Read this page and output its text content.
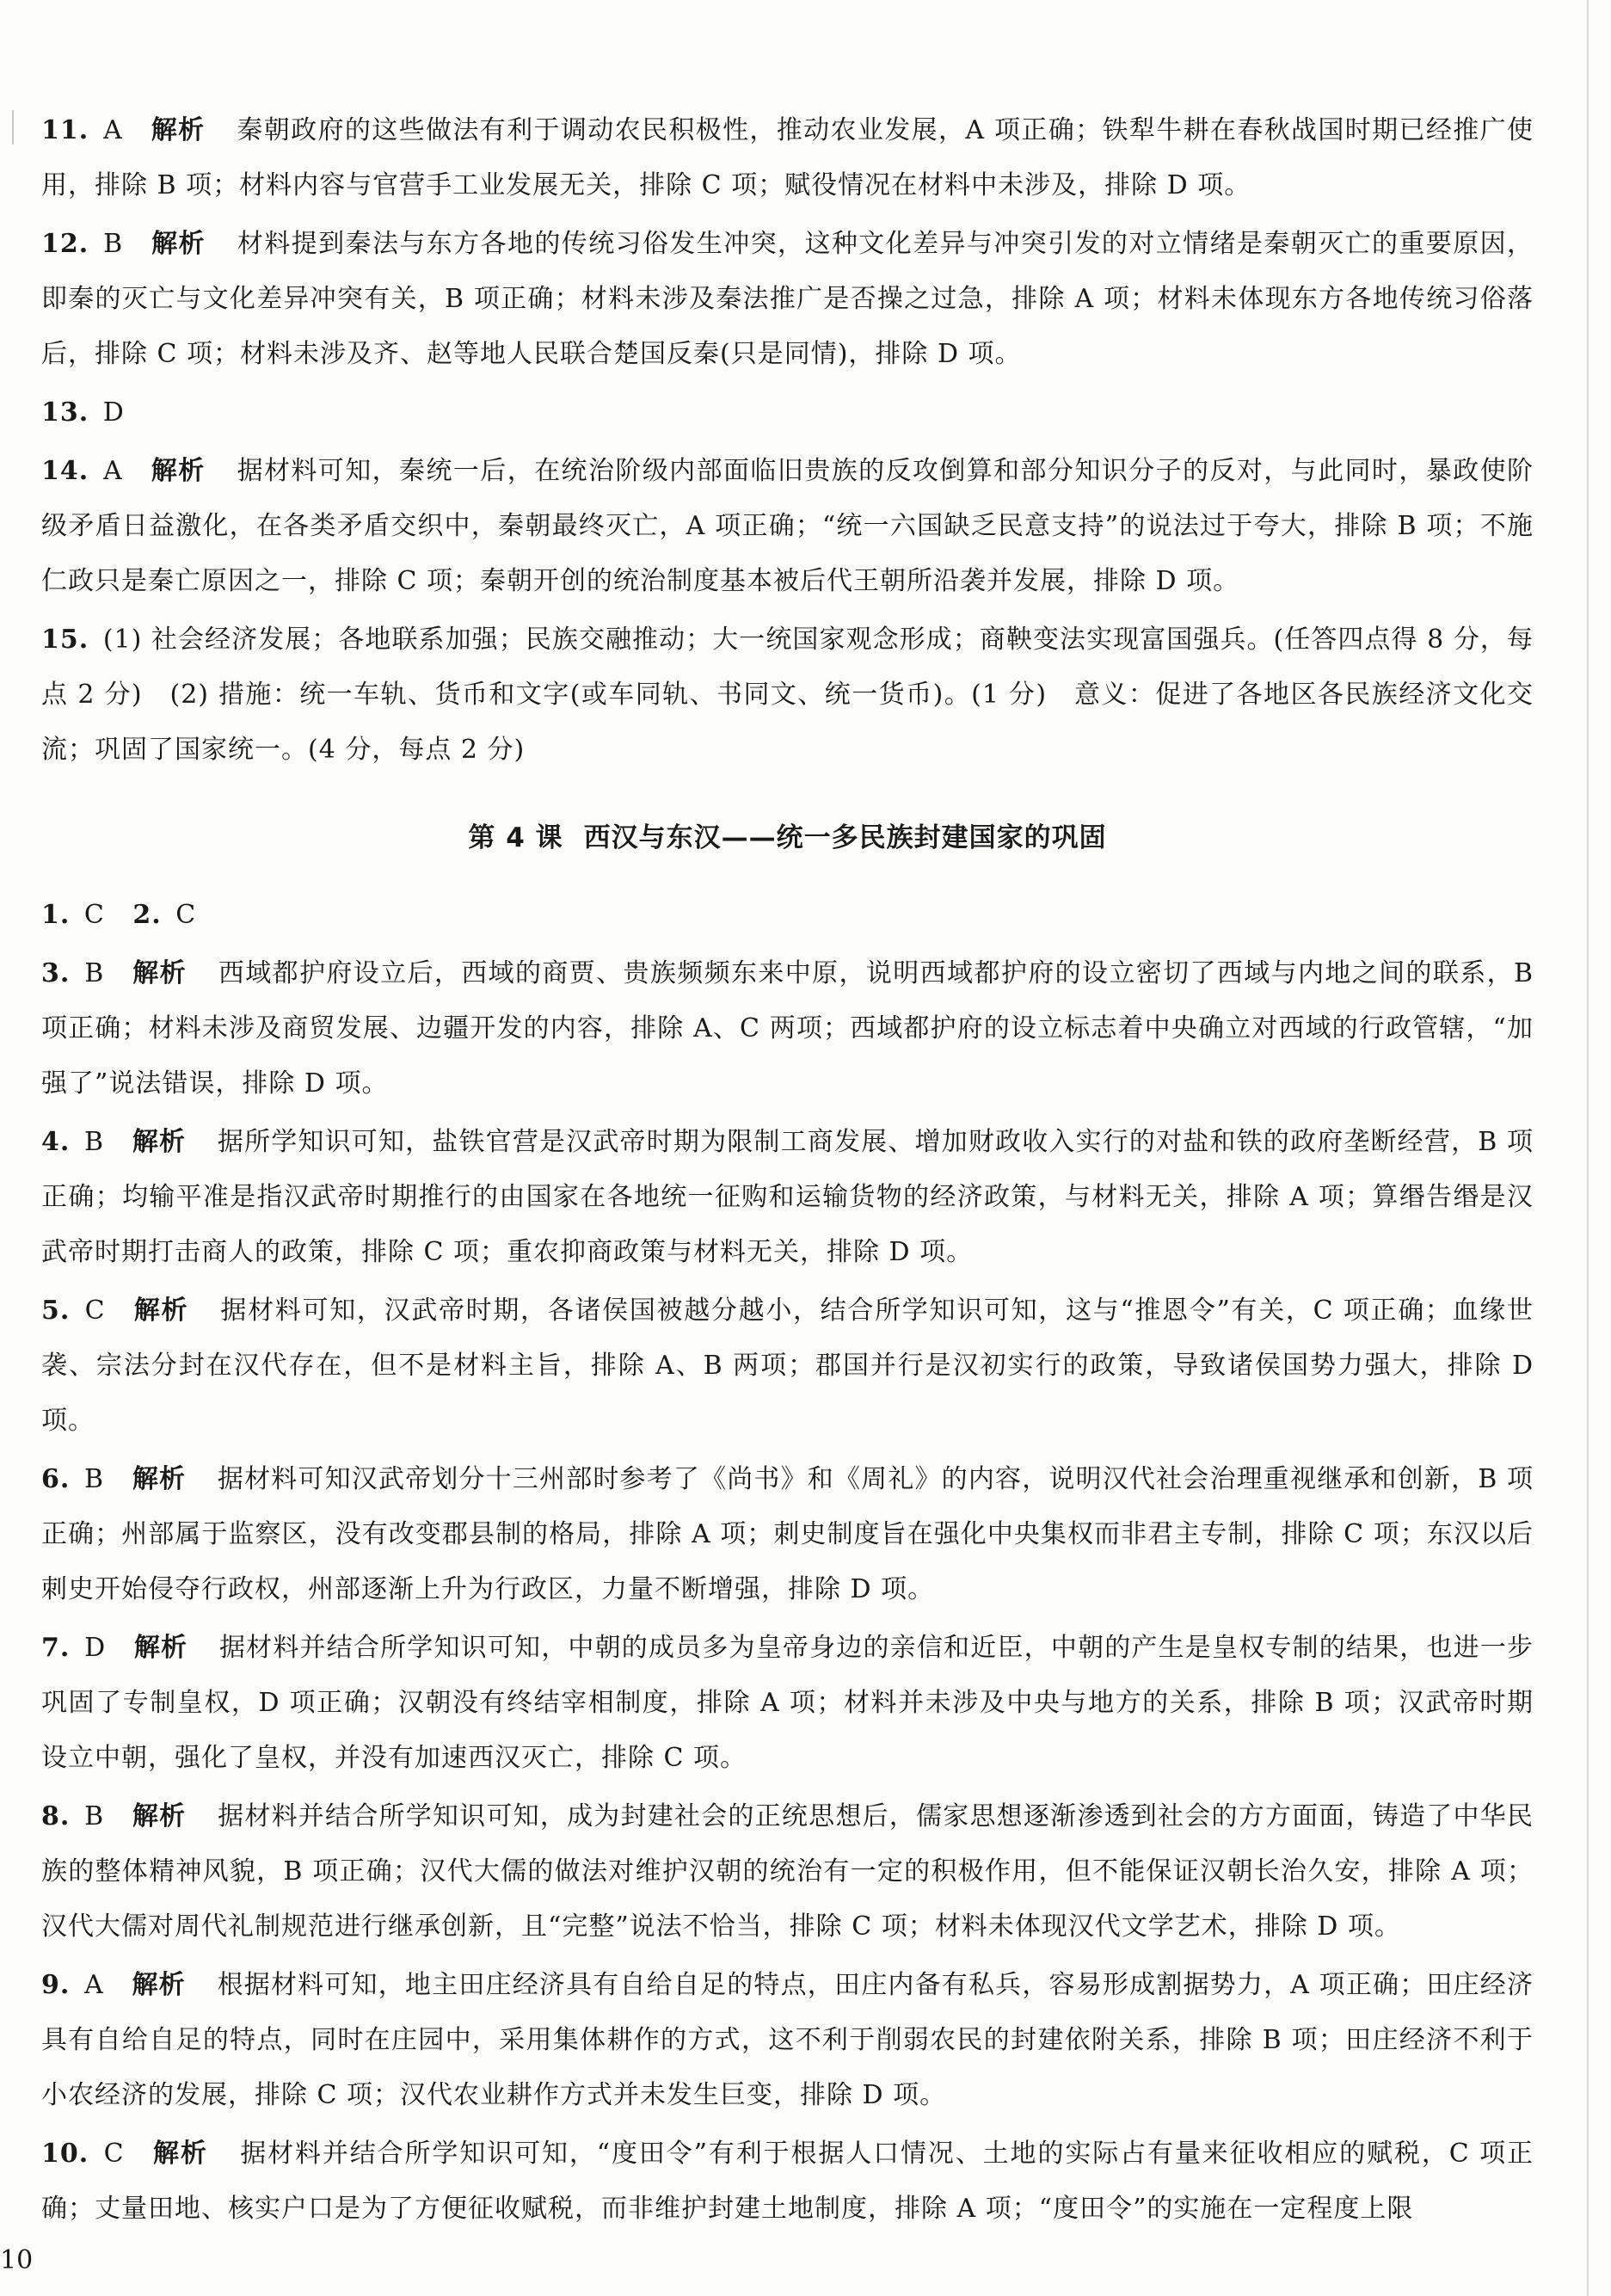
11. A 解析 秦朝政府的这些做法有利于调动农民积极性，推动农业发展，A 项正确；铁犁牛耕在春秋战国时期已经推广使用，排除 B 项；材料内容与官营手工业发展无关，排除 C 项；赋役情况在材料中未涉及，排除 D 项。
12. B 解析 材料提到秦法与东方各地的传统习俗发生冲突，这种文化差异与冲突引发的对立情绪是秦朝灭亡的重要原因，即秦的灭亡与文化差异冲突有关，B 项正确；材料未涉及秦法推广是否操之过急，排除 A 项；材料未体现东方各地传统习俗落后，排除 C 项；材料未涉及齐、赵等地人民联合楚国反秦(只是同情)，排除 D 项。
13. D
14. A 解析 据材料可知，秦统一后，在统治阶级内部面临旧贵族的反攻倒算和部分知识分子的反对，与此同时，暴政使阶级矛盾日益激化，在各类矛盾交织中，秦朝最终灭亡，A 项正确；“统一六国缺乏民意支持”的说法过于夸大，排除 B 项；不施仁政只是秦亡原因之一，排除 C 项；秦朝开创的统治制度基本被后代王朝所沿袭并发展，排除 D 项。
15. (1) 社会经济发展；各地联系加强；民族交融推动；大一统国家观念形成；商鞅变法实现富国强兵。(任答四点得 8 分，每点 2 分)　(2) 措施：统一车轨、货币和文字(或车同轨、书同文、统一货币)。(1 分)　意义：促进了各地区各民族经济文化交流；巩固了国家统一。(4 分，每点 2 分)
第 4 课 西汉与东汉——统一多民族封建国家的巩固
1. C 2. C
3. B 解析 西域都护府设立后，西域的商贾、贵族频频东来中原，说明西域都护府的设立密切了西域与内地之间的联系，B 项正确；材料未涉及商贸发展、边疆开发的内容，排除 A、C 两项；西域都护府的设立标志着中央确立对西域的行政管辖，“加强了”说法错误，排除 D 项。
4. B 解析 据所学知识可知，盐铁官营是汉武帝时期为限制工商发展、增加财政收入实行的对盐和铁的政府垄断经营，B 项正确；均输平准是指汉武帝时期推行的由国家在各地统一征购和运输货物的经济政策，与材料无关，排除 A 项；算缗告缗是汉武帝时期打击商人的政策，排除 C 项；重农抑商政策与材料无关，排除 D 项。
5. C 解析 据材料可知，汉武帝时期，各诸侯国被越分越小，结合所学知识可知，这与“推恩令”有关，C 项正确；血缘世袭、宗法分封在汉代存在，但不是材料主旨，排除 A、B 两项；郡国并行是汉初实行的政策，导致诸侯国势力强大，排除 D 项。
6. B 解析 据材料可知汉武帝划分十三州部时参考了《尚书》和《周礼》的内容，说明汉代社会治理重视继承和创新，B 项正确；州部属于监察区，没有改变郡县制的格局，排除 A 项；刺史制度旨在强化中央集权而非君主专制，排除 C 项；东汉以后刺史开始侵夺行政权，州部逐渐上升为行政区，力量不断增强，排除 D 项。
7. D 解析 据材料并结合所学知识可知，中朝的成员多为皇帝身边的亲信和近臣，中朝的产生是皇权专制的结果，也进一步巩固了专制皇权，D 项正确；汉朝没有终结宰相制度，排除 A 项；材料并未涉及中央与地方的关系，排除 B 项；汉武帝时期设立中朝，强化了皇权，并没有加速西汉灭亡，排除 C 项。
8. B 解析 据材料并结合所学知识可知，成为封建社会的正统思想后，儒家思想逐渐渗透到社会的方方面面，铸造了中华民族的整体精神风貌，B 项正确；汉代大儒的做法对维护汉朝的统治有一定的积极作用，但不能保证汉朝长治久安，排除 A 项；汉代大儒对周代礼制规范进行继承创新，且“完整”说法不恰当，排除 C 项；材料未体现汉代文学艺术，排除 D 项。
9. A 解析 根据材料可知，地主田庄经济具有自给自足的特点，田庄内备有私兵，容易形成割据势力，A 项正确；田庄经济具有自给自足的特点，同时在庄园中，采用集体耕作的方式，这不利于削弱农民的封建依附关系，排除 B 项；田庄经济不利于小农经济的发展，排除 C 项；汉代农业耕作方式并未发生巨变，排除 D 项。
10. C 解析 据材料并结合所学知识可知，“度田令”有利于根据人口情况、土地的实际占有量来征收相应的赋税，C 项正确；丈量田地、核实户口是为了方便征收赋税，而非维护封建土地制度，排除 A 项；“度田令”的实施在一定程度上限
10
